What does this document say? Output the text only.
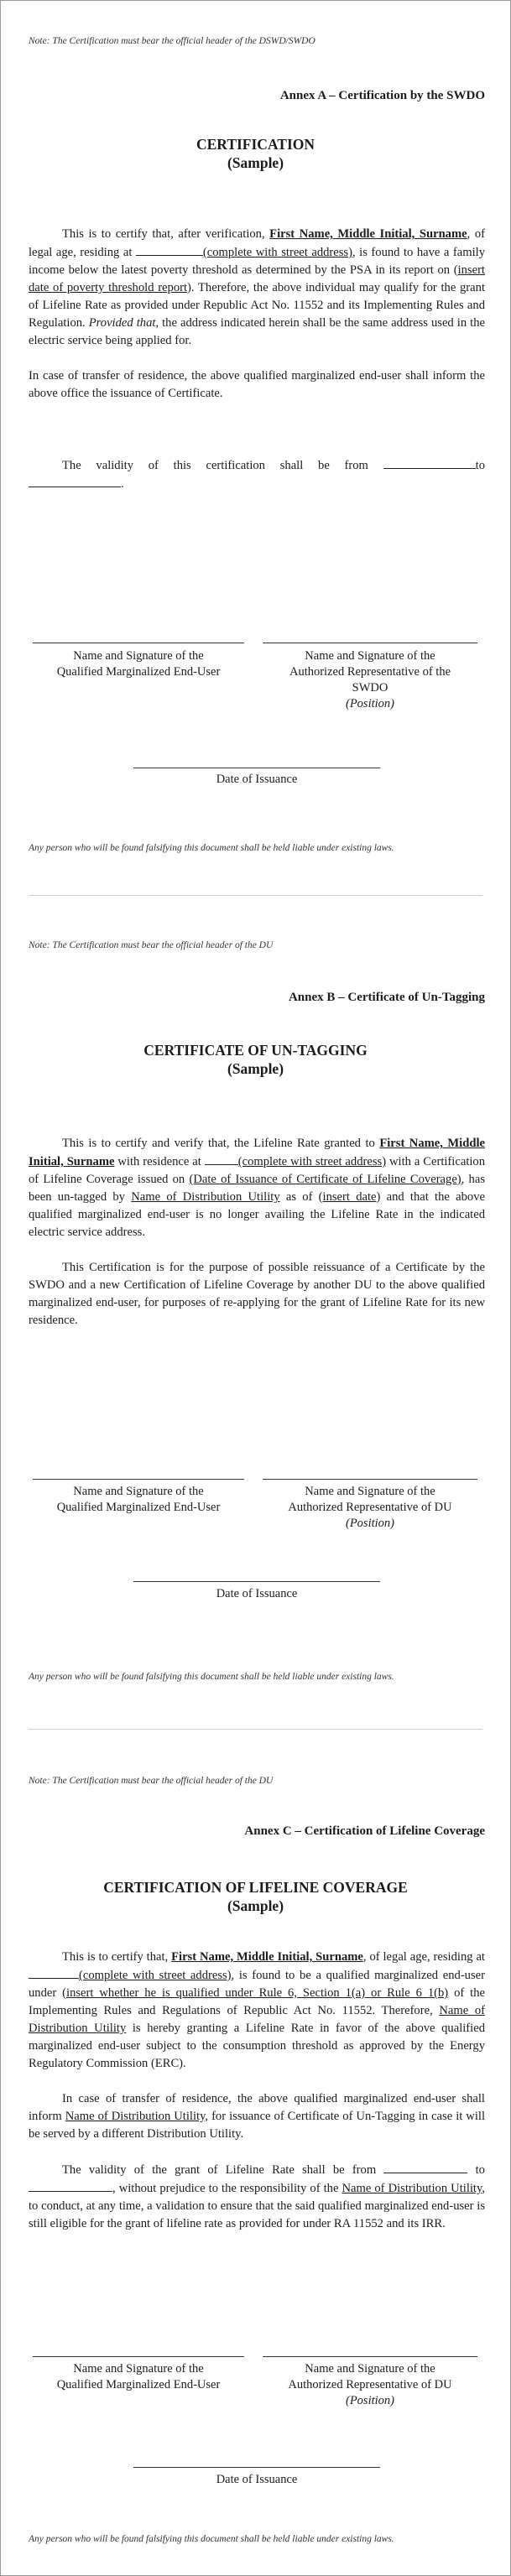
Note: The Certification must bear the official header of the DSWD/SWDO
Annex A – Certification by the SWDO
CERTIFICATION
(Sample)

This is to certify that, after verification, First Name, Middle Initial, Surname, of legal age, residing at	(complete with street address), is found to have a family income below the latest poverty threshold as determined by the PSA in its report on (insert date of poverty threshold report). Therefore, the above individual may qualify for the grant of Lifeline Rate as provided under Republic Act No. 11552 and its Implementing Rules and Regulation. Provided that, the address indicated herein shall be the same address used in the electric service being applied for.

In case of transfer of residence, the above qualified marginalized end-user shall inform the above office the issuance of Certificate.

The validity of this certification shall be from	to .

Name and Signature of the
Qualified Marginalized End-User
Name and Signature of the
Authorized Representative of the
SWDO
(Position)
Date of Issuance
Any person who will be found falsifying this document shall be held liable under existing laws.
Note: The Certification must bear the official header of the DU
Annex B – Certificate of Un-Tagging
CERTIFICATE OF UN-TAGGING
(Sample)

This is to certify and verify that, the Lifeline Rate granted to First Name, Middle Initial, Surname with residence at	(complete with street address) with a Certification of Lifeline Coverage issued on (Date of Issuance of Certificate of Lifeline Coverage), has been un-tagged by Name of Distribution Utility as of (insert date) and that the above qualified marginalized end-user is no longer availing the Lifeline Rate in the indicated electric service address.

This Certification is for the purpose of possible reissuance of a Certificate by the SWDO and a new Certification of Lifeline Coverage by another DU to the above qualified marginalized end-user, for purposes of re-applying for the grant of Lifeline Rate for its new residence.

Name and Signature of the
Qualified Marginalized End-User
Name and Signature of the
Authorized Representative of DU
(Position)
Date of Issuance
Any person who will be found falsifying this document shall be held liable under existing laws.
Note: The Certification must bear the official header of the DU
Annex C – Certification of Lifeline Coverage
CERTIFICATION OF LIFELINE COVERAGE
(Sample)

This is to certify that, First Name, Middle Initial, Surname, of legal age, residing at (complete with street address), is found to be a qualified marginalized end-user under (insert whether he is qualified under Rule 6, Section 1(a) or Rule 6 1(b) of the Implementing Rules and Regulations of Republic Act No. 11552. Therefore, Name of Distribution Utility is hereby granting a Lifeline Rate in favor of the above qualified marginalized end-user subject to the consumption threshold as approved by the Energy Regulatory Commission (ERC).

In case of transfer of residence, the above qualified marginalized end-user shall inform Name of Distribution Utility, for issuance of Certificate of Un-Tagging in case it will be served by a different Distribution Utility.

The validity of the grant of Lifeline Rate shall be from	to , without prejudice to the responsibility of the Name of Distribution Utility, to conduct, at any time, a validation to ensure that the said qualified marginalized end-user is still eligible for the grant of lifeline rate as provided for under RA 11552 and its IRR.

Name and Signature of the
Qualified Marginalized End-User
Name and Signature of the
Authorized Representative of DU
(Position)
Date of Issuance
Any person who will be found falsifying this document shall be held liable under existing laws.
